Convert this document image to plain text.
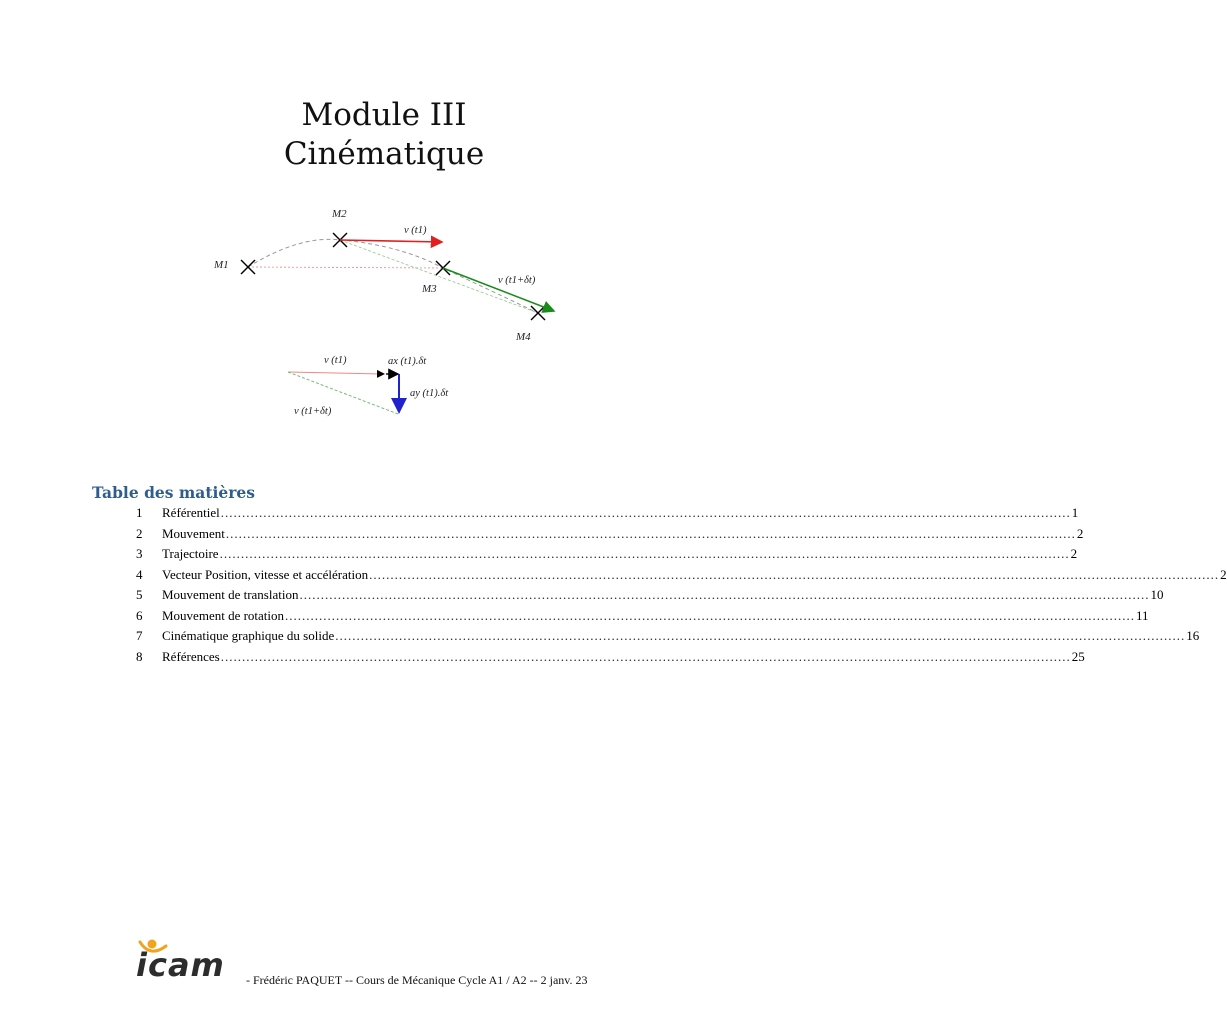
Module III
Cinématique
M1
M2
M3
M4
v (t1)
v (t1+δt)
v (t1)	ax (t1).δt
ay (t1).δt
v (t1+δt)
Table des matières
1	Référentiel ........................................................................................................................................................................................................ 1
2	Mouvement ........................................................................................................................................................................................................ 2
3	Trajectoire ........................................................................................................................................................................................................ 2
4	Vecteur Position, vitesse et accélération ........................................................................................................................................................................................................ 2
5	Mouvement de translation ........................................................................................................................................................................................................ 10
6	Mouvement de rotation ........................................................................................................................................................................................................ 11
7	Cinématique graphique du solide ........................................................................................................................................................................................................ 16
8	Références ........................................................................................................................................................................................................ 25
icam - Frédéric PAQUET -- Cours de Mécanique Cycle A1 / A2 -- 2 janv. 23
